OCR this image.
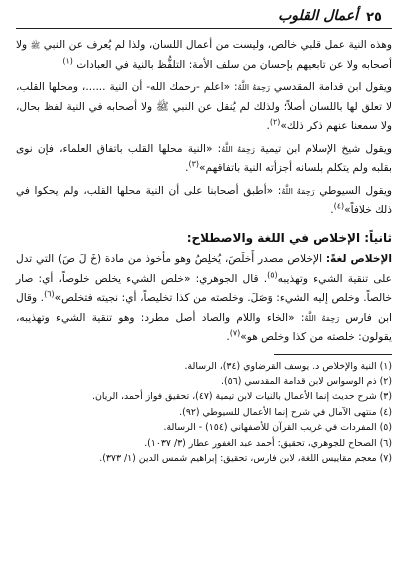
٢٥
أعمال القلوب

وهذه النية عمل قلبي خالص، وليست من أعمال اللسان، ولذا لم يُعرف عن النبي ﷺ ولا أصحابه ولا عن تابعيهم بإحسان من سلف الأمة: التلفُّظ بالنية في العبادات $^{(١)}$

ويقول ابن قدامة المقدسي رَحِمَهُ اللَّهُ: «اعلم -رحمك الله- أن النية ......، ومحلها القلب، لا تعلق لها باللسان أصلاً؛ ولذلك لم يُنقل عن النبي ﷺ ولا أصحابه في النية لفظ بحال، ولا سمعنا عنهم ذكر ذلك»$^{(٢)}$.

ويقول شيخ الإسلام ابن تيمية رَحِمَهُ اللَّهُ: «النية محلها القلب باتفاق العلماء، فإن نوى بقلبه ولم يتكلم بلسانه أجزأته النية باتفاقهم»$^{(٣)}$.

ويقول السيوطي رَحِمَهُ اللَّهُ: «أطبق أصحابنا على أن النية محلها القلب، ولم يحكوا في ذلك خلافاً»$^{(٤)}$.

ثانياً: الإخلاص في اللغة والاصطلاح:

الإخلاص لغةً: الإخلاص مصدر أَخلَصَ، يُخلِصُ وهو مأخوذ من مادة (خَ لَ صَ) التي تدل على تنقية الشيء وتهذيبه$^{(٥)}$. قال الجوهري: «خلص الشيء يخلص خلوصاً، أي: صار خالصاً. وخلص إليه الشيء: وَصَلَ. وخلصته من كذا تخليصاً، أي: نجيته فتخلص»$^{(٦)}$. وقال ابن فارس رَحِمَهُ اللَّهُ: «الخاء واللام والصاد أصل مطرد: وهو تنقية الشيء وتهذيبه، يقولون: خلصته من كذا وخلص هو»$^{(٧)}$.

(١) النية والإخلاص د. يوسف القرضاوي (٣٤)، الرسالة.
(٢) ذم الوسواس لابن قدامة المقدسي (٥٦).
(٣) شرح حديث إنما الأعمال بالنيات لابن تيمية (٤٧)، تحقيق فواز أحمد، الريان.
(٤) منتهى الآمال في شرح إنما الأعمال للسيوطي (٩٢).
(٥) المفردات في غريب القرآن للأصفهاني (١٥٤) - الرسالة.
(٦) الصحاح للجوهري، تحقيق: أحمد عبد الغفور عطار (٣/ ١٠٣٧).
(٧) معجم مقاييس اللغة، لابن فارس، تحقيق: إبراهيم شمس الدين (١/ ٣٧٣).
